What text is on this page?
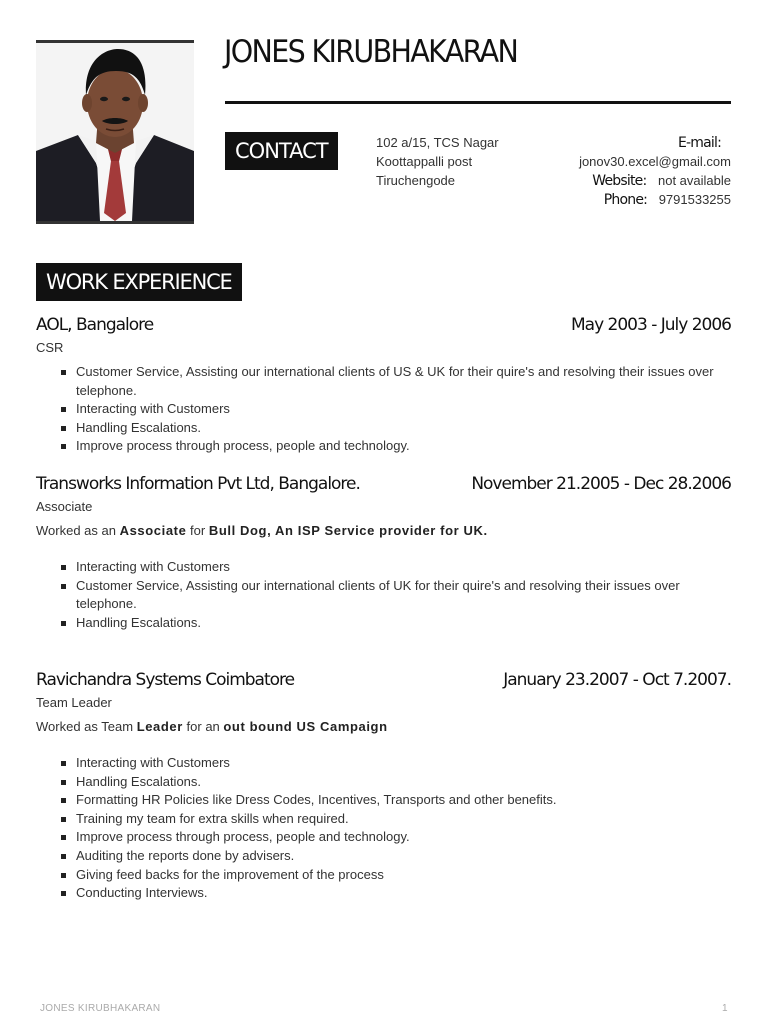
JONES KIRUBHAKARAN
CONTACT	102 a/15, TCS Nagar
Koottappalli post
Tiruchengode
E-mail:
jonov30.excel@gmail.com
Website: not available
Phone: 9791533255
WORK EXPERIENCE
AOL, Bangalore	May 2003 - July 2006
CSR
Customer Service, Assisting our international clients of US & UK for their quire's and resolving their issues over telephone.
Interacting with Customers
Handling Escalations.
Improve process through process, people and technology.
Transworks Information Pvt Ltd, Bangalore.	November 21.2005 - Dec 28.2006
Associate
Worked as an Associate for Bull Dog, An ISP Service provider for UK.
Interacting with Customers
Customer Service, Assisting our international clients of UK for their quire's and resolving their issues over telephone.
Handling Escalations.
Ravichandra Systems Coimbatore	January 23.2007 - Oct 7.2007.
Team Leader
Worked as Team Leader for an out bound US Campaign
Interacting with Customers
Handling Escalations.
Formatting HR Policies like Dress Codes, Incentives, Transports and other benefits.
Training my team for extra skills when required.
Improve process through process, people and technology.
Auditing the reports done by advisers.
Giving feed backs for the improvement of the process
Conducting Interviews.
JONES KIRUBHAKARAN	1
